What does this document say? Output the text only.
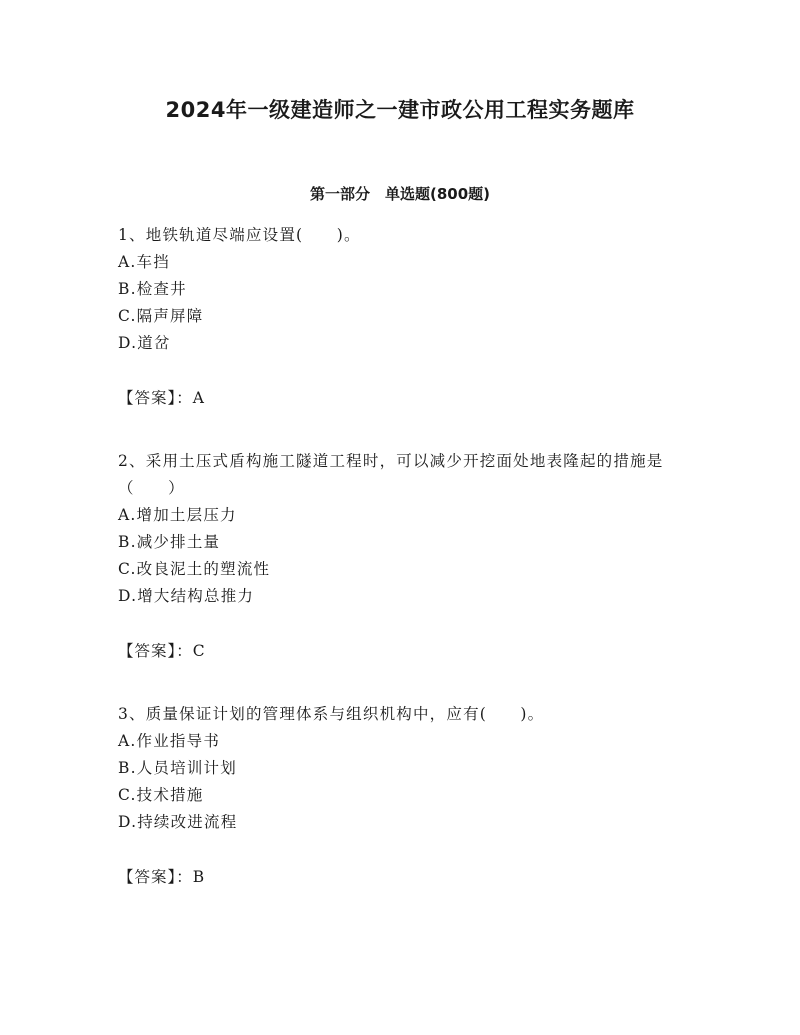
2024年一级建造师之一建市政公用工程实务题库
第一部分　单选题(800题)

1、地铁轨道尽端应设置(　　)。

A.车挡
B.检查井
C.隔声屏障
D.道岔
【答案】：A

2、采用土压式盾构施工隧道工程时，可以减少开挖面处地表隆起的措施是（　　）

A.增加土层压力
B.减少排土量
C.改良泥土的塑流性
D.增大结构总推力
【答案】：C

3、质量保证计划的管理体系与组织机构中，应有(　　)。

A.作业指导书
B.人员培训计划
C.技术措施
D.持续改进流程
【答案】：B
